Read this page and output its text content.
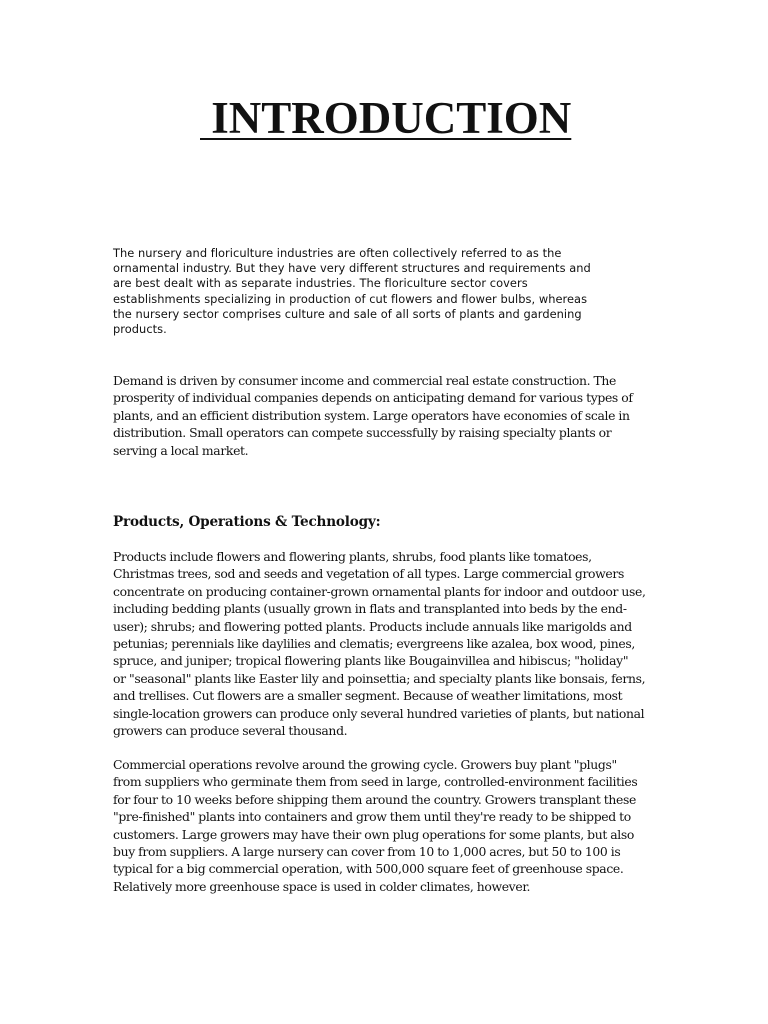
INTRODUCTION

The nursery and floriculture industries are often collectively referred to as the
ornamental industry. But they have very different structures and requirements and
are best dealt with as separate industries. The floriculture sector covers
establishments specializing in production of cut flowers and flower bulbs, whereas
the nursery sector comprises culture and sale of all sorts of plants and gardening
products.

Demand is driven by consumer income and commercial real estate construction. The
prosperity of individual companies depends on anticipating demand for various types of
plants, and an efficient distribution system. Large operators have economies of scale in
distribution. Small operators can compete successfully by raising specialty plants or
serving a local market.

Products, Operations & Technology:

Products include flowers and flowering plants, shrubs, food plants like tomatoes,
Christmas trees, sod and seeds and vegetation of all types. Large commercial growers
concentrate on producing container-grown ornamental plants for indoor and outdoor use,
including bedding plants (usually grown in flats and transplanted into beds by the end-
user); shrubs; and flowering potted plants. Products include annuals like marigolds and
petunias; perennials like daylilies and clematis; evergreens like azalea, box wood, pines,
spruce, and juniper; tropical flowering plants like Bougainvillea and hibiscus; "holiday"
or "seasonal" plants like Easter lily and poinsettia; and specialty plants like bonsais, ferns,
and trellises. Cut flowers are a smaller segment. Because of weather limitations, most
single-location growers can produce only several hundred varieties of plants, but national
growers can produce several thousand.

Commercial operations revolve around the growing cycle. Growers buy plant "plugs"
from suppliers who germinate them from seed in large, controlled-environment facilities
for four to 10 weeks before shipping them around the country. Growers transplant these
"pre-finished" plants into containers and grow them until they're ready to be shipped to
customers. Large growers may have their own plug operations for some plants, but also
buy from suppliers. A large nursery can cover from 10 to 1,000 acres, but 50 to 100 is
typical for a big commercial operation, with 500,000 square feet of greenhouse space.
Relatively more greenhouse space is used in colder climates, however.
